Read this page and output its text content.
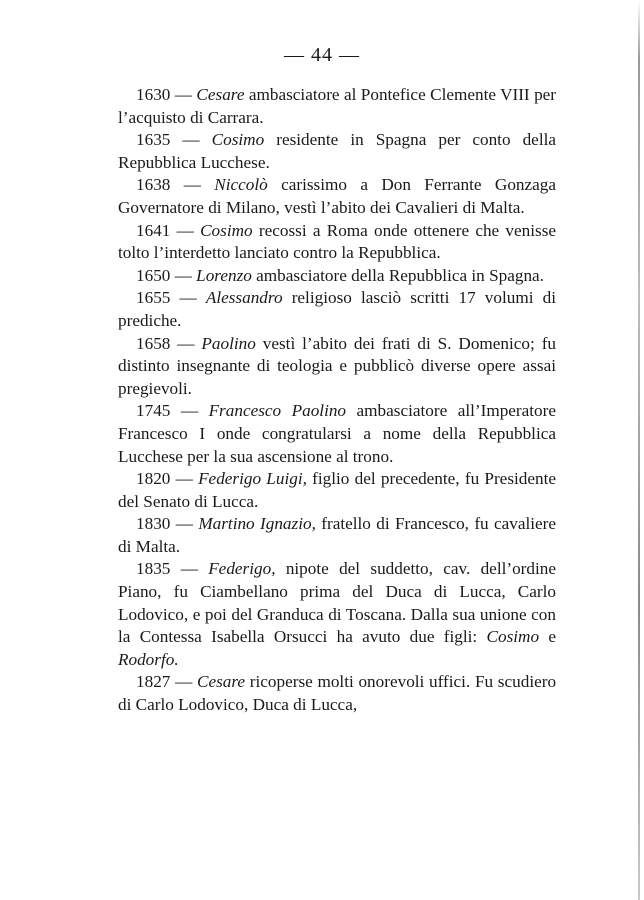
— 44 —

1630 — Cesare ambasciatore al Pontefice Clemente VIII per l’acquisto di Carrara.

1635 — Cosimo residente in Spagna per conto della Repubblica Lucchese.

1638 — Niccolò carissimo a Don Ferrante Gonzaga Governatore di Milano, vestì l’abito dei Cavalieri di Malta.

1641 — Cosimo recossi a Roma onde ottenere che venisse tolto l’interdetto lanciato contro la Repubblica.

1650 — Lorenzo ambasciatore della Repubblica in Spagna.

1655 — Alessandro religioso lasciò scritti 17 volumi di prediche.

1658 — Paolino vestì l’abito dei frati di S. Domenico; fu distinto insegnante di teologia e pubblicò diverse opere assai pregievoli.

1745 — Francesco Paolino ambasciatore all’Imperatore Francesco I onde congratularsi a nome della Repubblica Lucchese per la sua ascensione al trono.

1820 — Federigo Luigi, figlio del precedente, fu Presidente del Senato di Lucca.

1830 — Martino Ignazio, fratello di Francesco, fu cavaliere di Malta.

1835 — Federigo, nipote del suddetto, cav. dell’ordine Piano, fu Ciambellano prima del Duca di Lucca, Carlo Lodovico, e poi del Granduca di Toscana. Dalla sua unione con la Contessa Isabella Orsucci ha avuto due figli: Cosimo e Rodorfo.

1827 — Cesare ricoperse molti onorevoli uffici. Fu scudiero di Carlo Lodovico, Duca di Lucca,
